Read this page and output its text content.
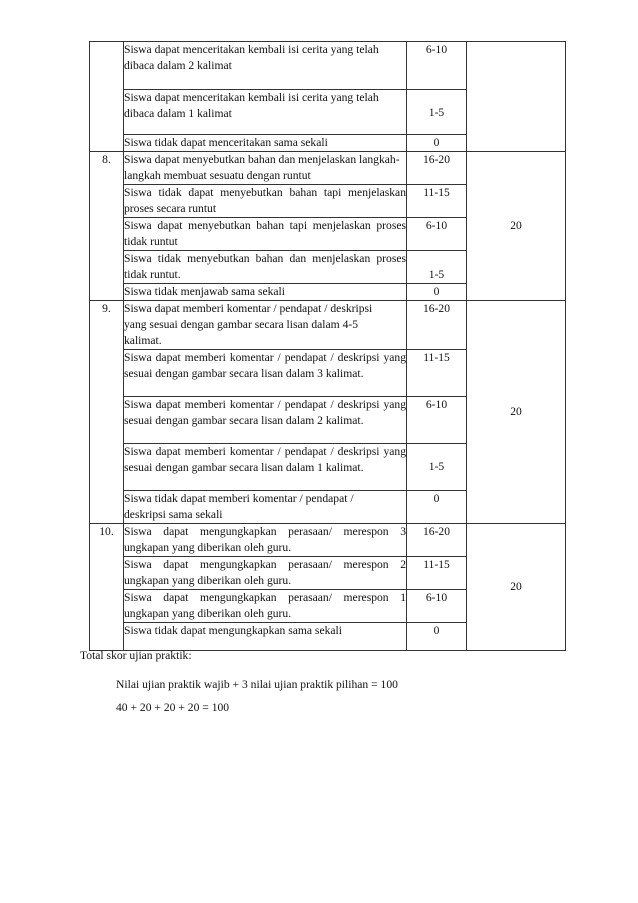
	Siswa dapat menceritakan kembali isi cerita yang telah dibaca dalam 2 kalimat	6-10	

	Siswa dapat menceritakan kembali isi cerita yang telah dibaca dalam 1 kalimat	1-5	
	Siswa tidak dapat menceritakan sama sekali	0	
8.	Siswa dapat menyebutkan bahan dan menjelaskan langkah-langkah membuat sesuatu dengan runtut	16-20	20
	Siswa tidak dapat menyebutkan bahan tapi menjelaskan proses secara runtut	11-15	
	Siswa dapat menyebutkan bahan tapi menjelaskan proses tidak runtut	6-10	
	Siswa tidak menyebutkan bahan dan menjelaskan proses tidak runtut.	1-5	
	Siswa tidak menjawab sama sekali	0	
9.	Siswa dapat memberi komentar / pendapat / deskripsi yang sesuai dengan gambar secara lisan dalam 4-5 kalimat.	16-20	20
	Siswa dapat memberi komentar / pendapat / deskripsi yang sesuai dengan gambar secara lisan dalam 3 kalimat.	11-15	
	Siswa dapat memberi komentar / pendapat / deskripsi yang sesuai dengan gambar secara lisan dalam 2 kalimat.	6-10	
	Siswa dapat memberi komentar / pendapat / deskripsi yang sesuai dengan gambar secara lisan dalam 1 kalimat.	1-5	

	Siswa tidak dapat memberi komentar / pendapat / deskripsi sama sekali	0	
10.	Siswa dapat mengungkapkan perasaan/ merespon 3 ungkapan yang diberikan oleh guru.	16-20	20
	Siswa dapat mengungkapkan perasaan/ merespon 2 ungkapan yang diberikan oleh guru.	11-15	
	Siswa dapat mengungkapkan perasaan/ merespon 1 ungkapan yang diberikan oleh guru.	6-10	
	Siswa tidak dapat mengungkapkan sama sekali	0	
Total skor ujian praktik:
Nilai ujian praktik wajib + 3 nilai ujian praktik pilihan = 100
40 + 20 + 20 + 20 = 100
